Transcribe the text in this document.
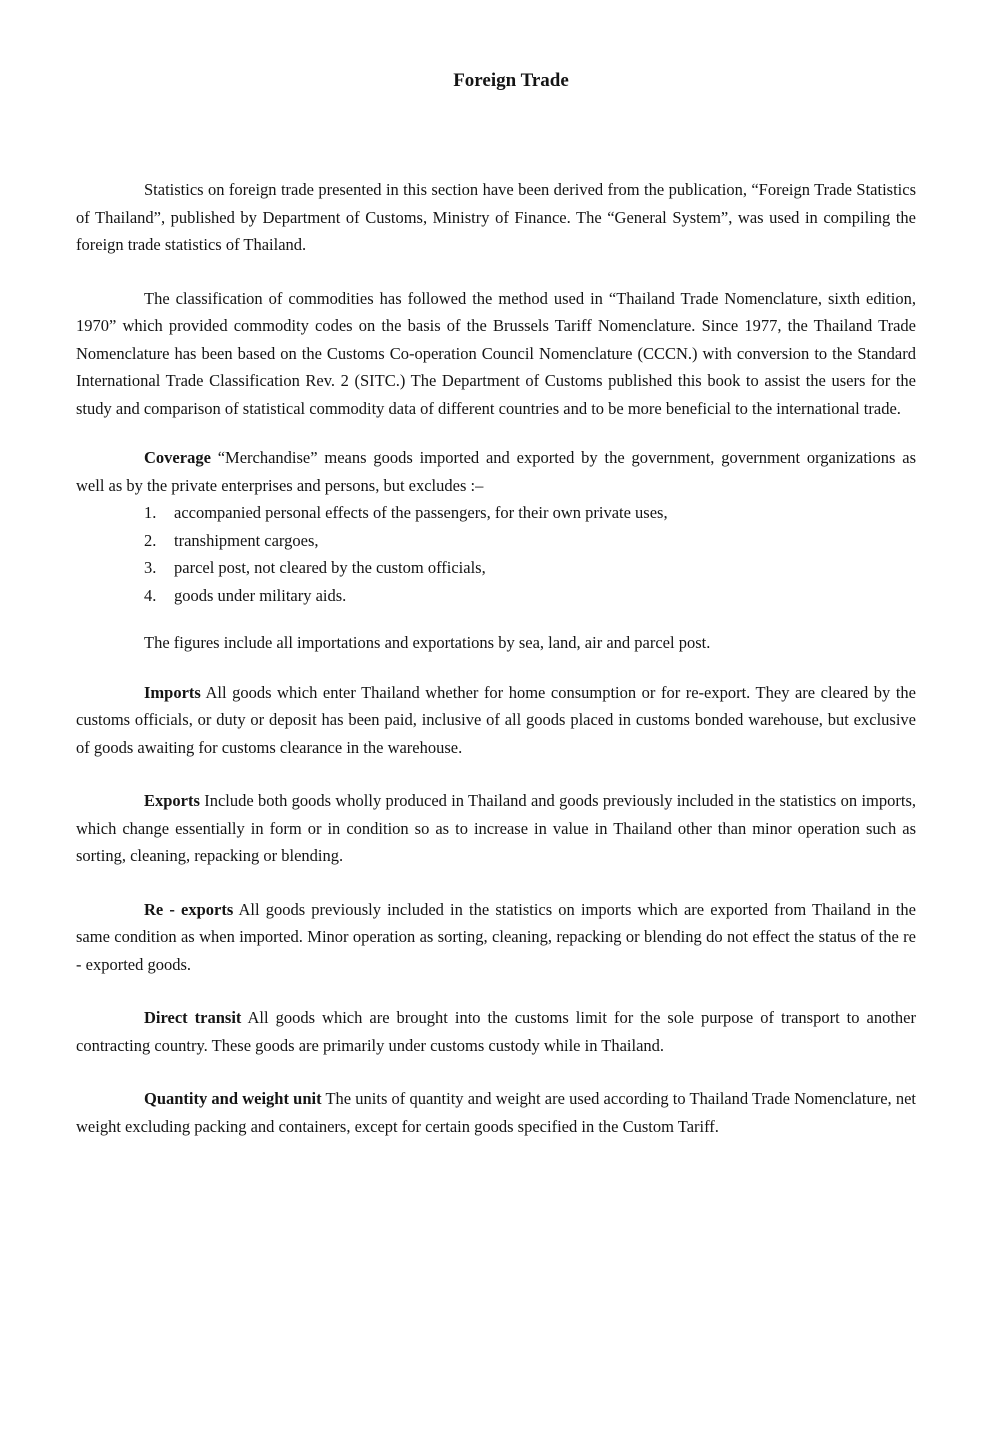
Foreign Trade

Statistics on foreign trade presented in this section have been derived from the publication, “Foreign Trade Statistics of Thailand”, published by Department of Customs, Ministry of Finance. The “General System”, was used in compiling the foreign trade statistics of Thailand.

The classification of commodities has followed the method used in “Thailand Trade Nomenclature, sixth edition, 1970” which provided commodity codes on the basis of the Brussels Tariff Nomenclature. Since 1977, the Thailand Trade Nomenclature has been based on the Customs Co-operation Council Nomenclature (CCCN.) with conversion to the Standard International Trade Classification Rev. 2 (SITC.) The Department of Customs published this book to assist the users for the study and comparison of statistical commodity data of different countries and to be more beneficial to the international trade.

Coverage “Merchandise” means goods imported and exported by the government, government organizations as well as by the private enterprises and persons, but excludes :–

1.	accompanied personal effects of the passengers, for their own private uses,
2.	transhipment cargoes,
3.	parcel post, not cleared by the custom officials,
4.	goods under military aids.

The figures include all importations and exportations by sea, land, air and parcel post.

Imports All goods which enter Thailand whether for home consumption or for re-export. They are cleared by the customs officials, or duty or deposit has been paid, inclusive of all goods placed in customs bonded warehouse, but exclusive of goods awaiting for customs clearance in the warehouse.

Exports Include both goods wholly produced in Thailand and goods previously included in the statistics on imports, which change essentially in form or in condition so as to increase in value in Thailand other than minor operation such as sorting, cleaning, repacking or blending.

Re - exports All goods previously included in the statistics on imports which are exported from Thailand in the same condition as when imported. Minor operation as sorting, cleaning, repacking or blending do not effect the status of the re - exported goods.

Direct transit All goods which are brought into the customs limit for the sole purpose of transport to another contracting country. These goods are primarily under customs custody while in Thailand.

Quantity and weight unit The units of quantity and weight are used according to Thailand Trade Nomenclature, net weight excluding packing and containers, except for certain goods specified in the Custom Tariff.
